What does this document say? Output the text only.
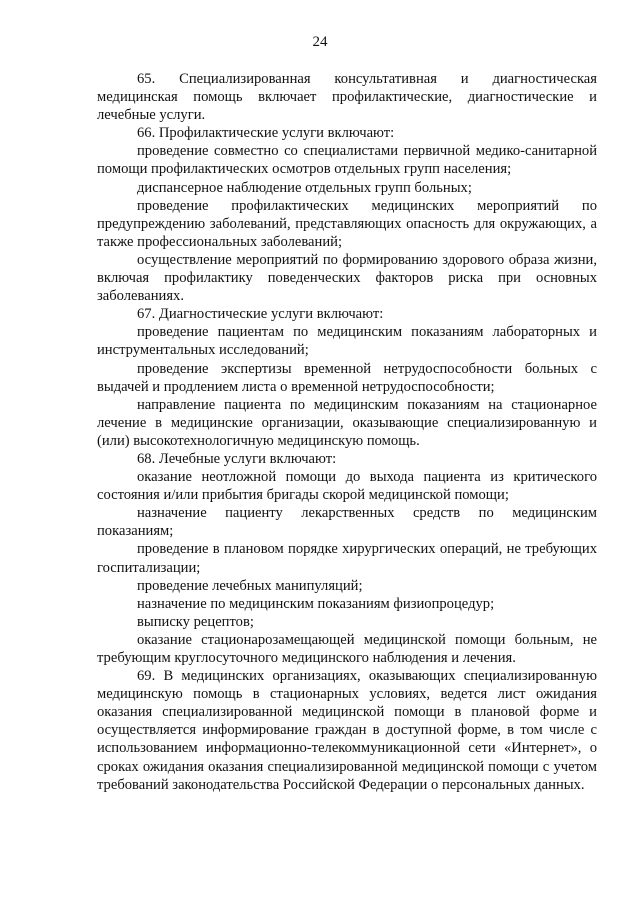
24

65. Специализированная консультативная и диагностическая медицинская помощь включает профилактические, диагностические и лечебные услуги.

66. Профилактические услуги включают:

проведение совместно со специалистами первичной медико-санитарной помощи профилактических осмотров отдельных групп населения;

диспансерное наблюдение отдельных групп больных;

проведение профилактических медицинских мероприятий по предупреждению заболеваний, представляющих опасность для окружающих, а также профессиональных заболеваний;

осуществление мероприятий по формированию здорового образа жизни, включая профилактику поведенческих факторов риска при основных заболеваниях.

67. Диагностические услуги включают:

проведение пациентам по медицинским показаниям лабораторных и инструментальных исследований;

проведение экспертизы временной нетрудоспособности больных с выдачей и продлением листа о временной нетрудоспособности;

направление пациента по медицинским показаниям на стационарное лечение в медицинские организации, оказывающие специализированную и (или) высокотехнологичную медицинскую помощь.

68. Лечебные услуги включают:

оказание неотложной помощи до выхода пациента из критического состояния и/или прибытия бригады скорой медицинской помощи;

назначение пациенту лекарственных средств по медицинским показаниям;

проведение в плановом порядке хирургических операций, не требующих госпитализации;

проведение лечебных манипуляций;

назначение по медицинским показаниям физиопроцедур;

выписку рецептов;

оказание стационарозамещающей медицинской помощи больным, не требующим круглосуточного медицинского наблюдения и лечения.

69. В медицинских организациях, оказывающих специализированную медицинскую помощь в стационарных условиях, ведется лист ожидания оказания специализированной медицинской помощи в плановой форме и осуществляется информирование граждан в доступной форме, в том числе с использованием информационно-телекоммуникационной сети «Интернет», о сроках ожидания оказания специализированной медицинской помощи с учетом требований законодательства Российской Федерации о персональных данных.
